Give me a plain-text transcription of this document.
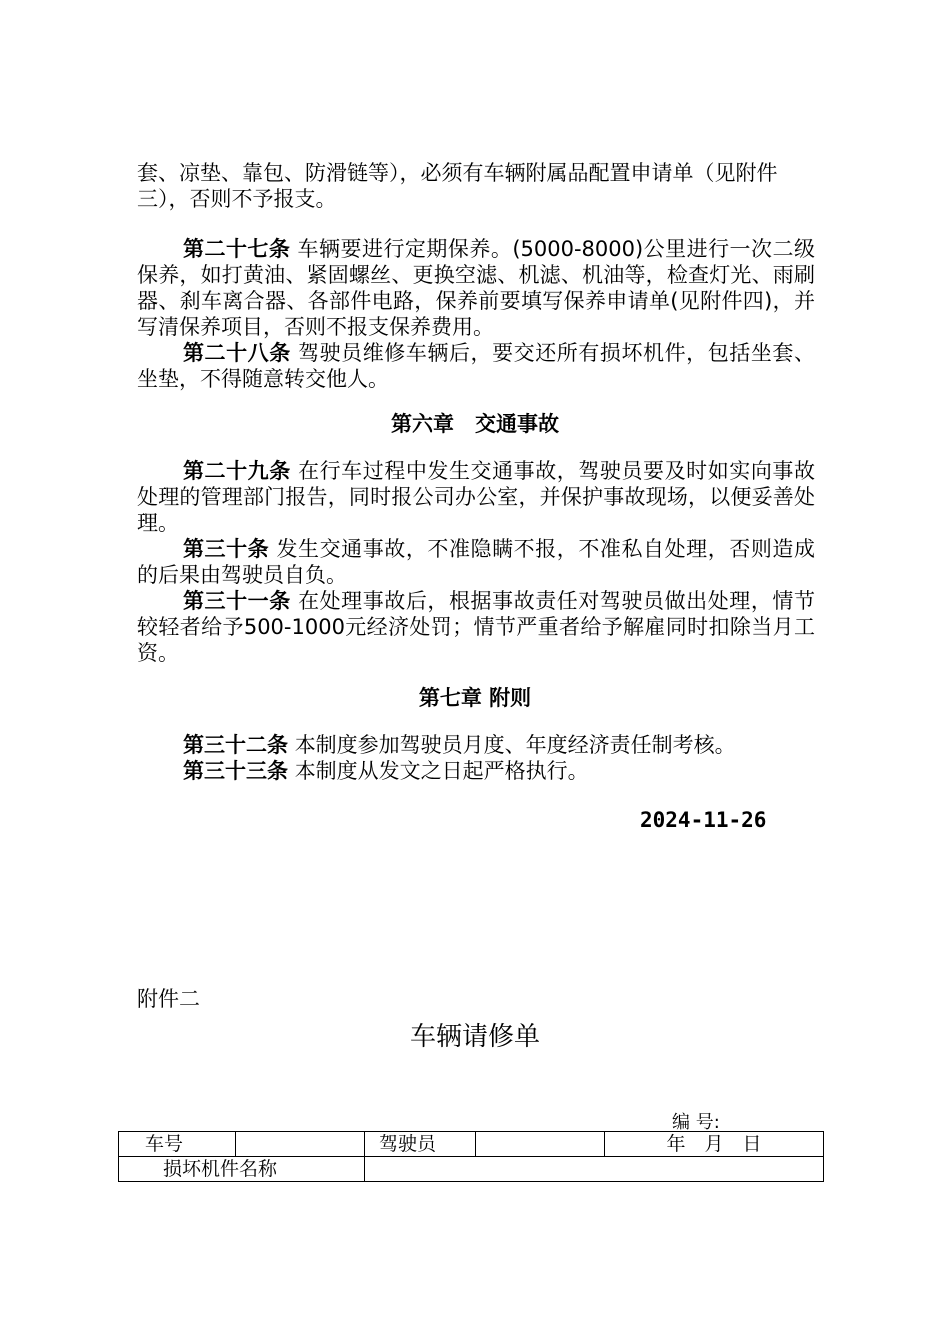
套、凉垫、靠包、防滑链等），必须有车辆附属品配置申请单（见附件

三），否则不予报支。

第二十七条 车辆要进行定期保养。(5000-8000)公里进行一次二级保养，如打黄油、紧固螺丝、更换空滤、机滤、机油等，检查灯光、雨刷器、刹车离合器、各部件电路，保养前要填写保养申请单(见附件四)，并写清保养项目，否则不报支保养费用。

第二十八条 驾驶员维修车辆后，要交还所有损坏机件，包括坐套、坐垫，不得随意转交他人。

第六章　交通事故

第二十九条 在行车过程中发生交通事故，驾驶员要及时如实向事故处理的管理部门报告，同时报公司办公室，并保护事故现场，以便妥善处理。

第三十条 发生交通事故，不准隐瞒不报，不准私自处理，否则造成的后果由驾驶员自负。

第三十一条 在处理事故后，根据事故责任对驾驶员做出处理，情节较轻者给予500-1000元经济处罚；情节严重者给予解雇同时扣除当月工资。

第七章 附则

第三十二条 本制度参加驾驶员月度、年度经济责任制考核。

第三十三条 本制度从发文之日起严格执行。

2024-11-26
附件二
车辆请修单
编 号:
车号		驾驶员		年　月　日
损坏机件名称				
